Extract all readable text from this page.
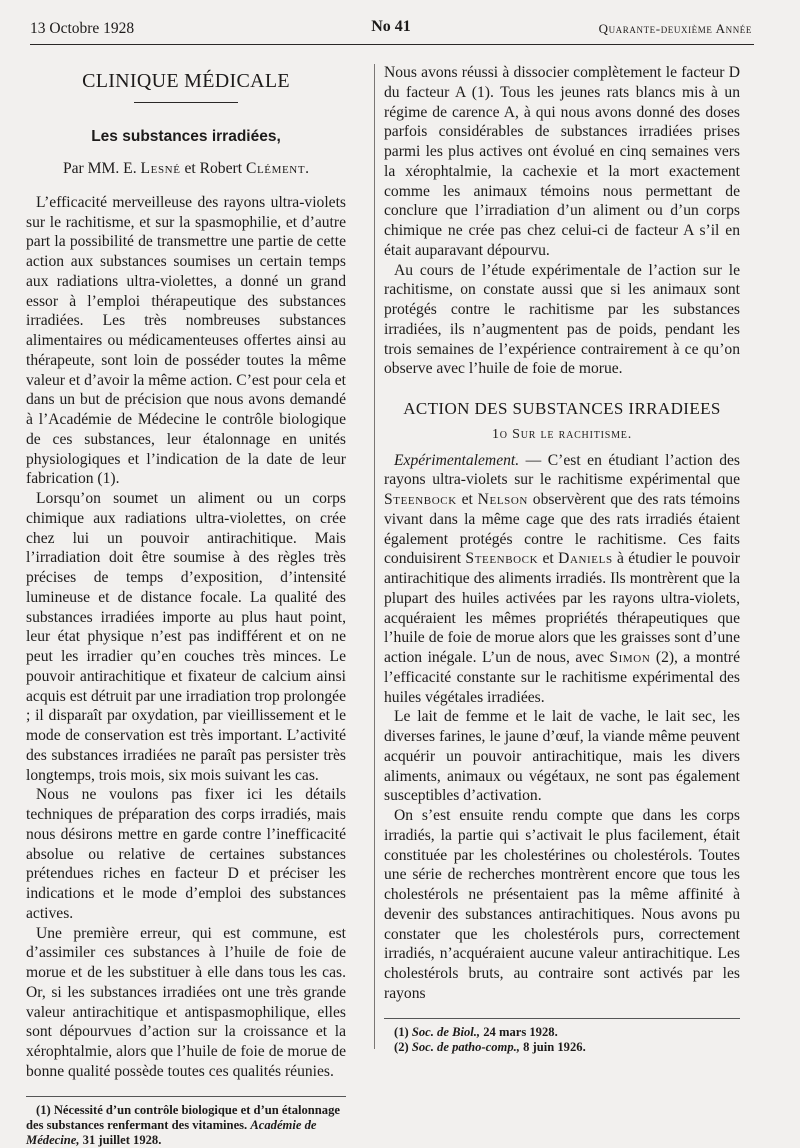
13 Octobre 1928	No 41	Quarante-deuxième Année
CLINIQUE MÉDICALE
Les substances irradiées,
Par MM. E. Lesné et Robert Clément.

L’efficacité merveilleuse des rayons ultra-violets sur le rachitisme, et sur la spasmophilie, et d’autre part la possibilité de transmettre une partie de cette action aux substances soumises un certain temps aux radiations ultra-violettes, a donné un grand essor à l’emploi thérapeutique des substances irradiées. Les très nombreuses substances alimentaires ou médicamenteuses offertes ainsi au thérapeute, sont loin de posséder toutes la même valeur et d’avoir la même action. C’est pour cela et dans un but de précision que nous avons demandé à l’Académie de Médecine le contrôle biologique de ces substances, leur étalonnage en unités physiologiques et l’indication de la date de leur fabrication (1).

Lorsqu’on soumet un aliment ou un corps chimique aux radiations ultra-violettes, on crée chez lui un pouvoir antirachitique. Mais l’irradiation doit être soumise à des règles très précises de temps d’exposition, d’intensité lumineuse et de distance focale. La qualité des substances irradiées importe au plus haut point, leur état physique n’est pas indifférent et on ne peut les irradier qu’en couches très minces. Le pouvoir antirachitique et fixateur de calcium ainsi acquis est détruit par une irradiation trop prolongée ; il disparaît par oxydation, par vieillissement et le mode de conservation est très important. L’activité des substances irradiées ne paraît pas persister très longtemps, trois mois, six mois suivant les cas.

Nous ne voulons pas fixer ici les détails techniques de préparation des corps irradiés, mais nous désirons mettre en garde contre l’inefficacité absolue ou relative de certaines substances prétendues riches en facteur D et préciser les indications et le mode d’emploi des substances actives.

Une première erreur, qui est commune, est d’assimiler ces substances à l’huile de foie de morue et de les substituer à elle dans tous les cas. Or, si les substances irradiées ont une très grande valeur antirachitique et antispasmophilique, elles sont dépourvues d’action sur la croissance et la xérophtalmie, alors que l’huile de foie de morue de bonne qualité possède toutes ces qualités réunies.

(1) Nécessité d’un contrôle biologique et d’un étalonnage des substances renfermant des vitamines. Académie de Médecine, 31 juillet 1928.

Nous avons réussi à dissocier complètement le facteur D du facteur A (1). Tous les jeunes rats blancs mis à un régime de carence A, à qui nous avons donné des doses parfois considérables de substances irradiées prises parmi les plus actives ont évolué en cinq semaines vers la xérophtalmie, la cachexie et la mort exactement comme les animaux témoins nous permettant de conclure que l’irradiation d’un aliment ou d’un corps chimique ne crée pas chez celui-ci de facteur A s’il en était auparavant dépourvu.

Au cours de l’étude expérimentale de l’action sur le rachitisme, on constate aussi que si les animaux sont protégés contre le rachitisme par les substances irradiées, ils n’augmentent pas de poids, pendant les trois semaines de l’expérience contrairement à ce qu’on observe avec l’huile de foie de morue.

ACTION DES SUBSTANCES IRRADIEES
1o Sur le rachitisme.

Expérimentalement. — C’est en étudiant l’action des rayons ultra-violets sur le rachitisme expérimental que Steenbock et Nelson observèrent que des rats témoins vivant dans la même cage que des rats irradiés étaient également protégés contre le rachitisme. Ces faits conduisirent Steenbock et Daniels à étudier le pouvoir antirachitique des aliments irradiés. Ils montrèrent que la plupart des huiles activées par les rayons ultra-violets, acquéraient les mêmes propriétés thérapeutiques que l’huile de foie de morue alors que les graisses sont d’une action inégale. L’un de nous, avec Simon (2), a montré l’efficacité constante sur le rachitisme expérimental des huiles végétales irradiées.

Le lait de femme et le lait de vache, le lait sec, les diverses farines, le jaune d’œuf, la viande même peuvent acquérir un pouvoir antirachitique, mais les divers aliments, animaux ou végétaux, ne sont pas également susceptibles d’activation.

On s’est ensuite rendu compte que dans les corps irradiés, la partie qui s’activait le plus facilement, était constituée par les cholestérines ou cholestérols. Toutes une série de recherches montrèrent encore que tous les cholestérols ne présentaient pas la même affinité à devenir des substances antirachitiques. Nous avons pu constater que les cholestérols purs, correctement irradiés, n’acquéraient aucune valeur antirachitique. Les cholestérols bruts, au contraire sont activés par les rayons

(1) Soc. de Biol., 24 mars 1928.

(2) Soc. de patho-comp., 8 juin 1926.
